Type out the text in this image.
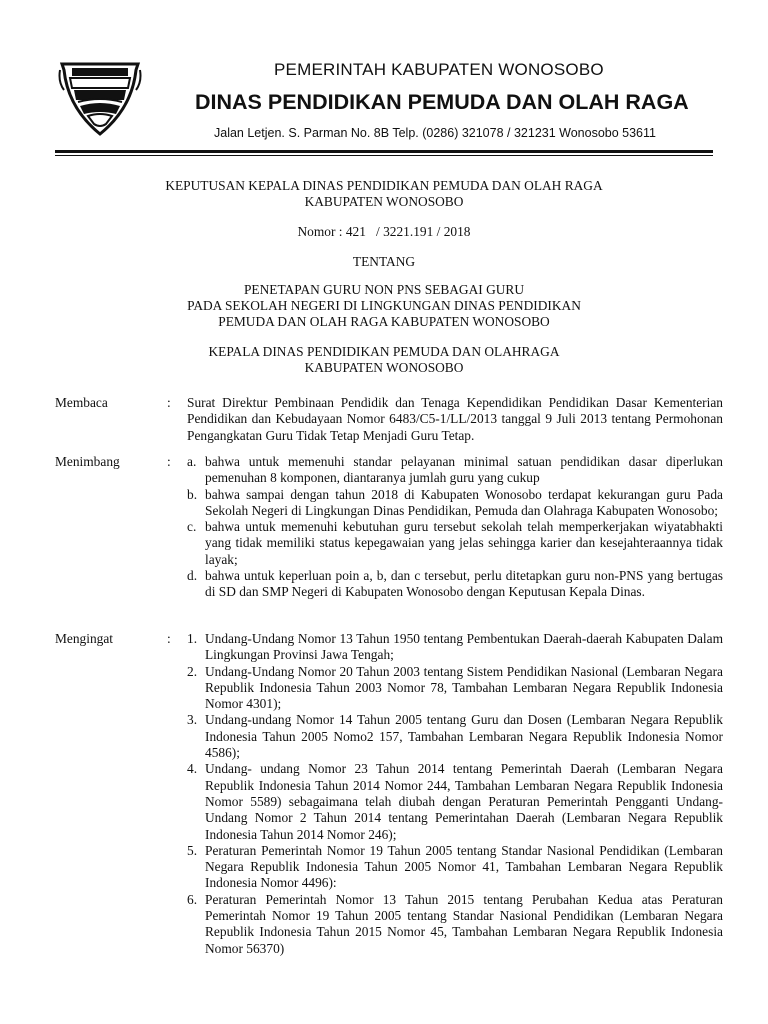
PEMERINTAH KABUPATEN WONOSOBO
DINAS PENDIDIKAN PEMUDA DAN OLAH RAGA
Jalan Letjen. S. Parman No. 8B Telp. (0286) 321078 / 321231 Wonosobo 53611
KEPUTUSAN KEPALA DINAS PENDIDIKAN PEMUDA DAN OLAH RAGA
KABUPATEN WONOSOBO
Nomor : 421   / 3221.191 / 2018
TENTANG
PENETAPAN GURU NON PNS SEBAGAI GURU
PADA SEKOLAH NEGERI DI LINGKUNGAN DINAS PENDIDIKAN
PEMUDA DAN OLAH RAGA KABUPATEN WONOSOBO
KEPALA DINAS PENDIDIKAN PEMUDA DAN OLAHRAGA
KABUPATEN WONOSOBO
Membaca	: Surat Direktur Pembinaan Pendidik dan Tenaga Kependidikan Pendidikan Dasar Kementerian Pendidikan dan Kebudayaan Nomor 6483/C5-1/LL/2013 tanggal 9 Juli 2013 tentang Permohonan Pengangkatan Guru Tidak Tetap Menjadi Guru Tetap.
Menimbang	: a. bahwa untuk memenuhi standar pelayanan minimal satuan pendidikan dasar diperlukan pemenuhan 8 komponen, diantaranya jumlah guru yang cukup
b. bahwa sampai dengan tahun 2018 di Kabupaten Wonosobo terdapat kekurangan guru Pada Sekolah Negeri di Lingkungan Dinas Pendidikan, Pemuda dan Olahraga Kabupaten Wonosobo;
c. bahwa untuk memenuhi kebutuhan guru tersebut sekolah telah memperkerjakan wiyatabhakti yang tidak memiliki status kepegawaian yang jelas sehingga karier dan kesejahteraannya tidak layak;
d. bahwa untuk keperluan poin a, b, dan c tersebut, perlu ditetapkan guru non-PNS yang bertugas di SD dan SMP Negeri di Kabupaten Wonosobo dengan Keputusan Kepala Dinas.
Mengingat	: 1. Undang-Undang Nomor 13 Tahun 1950 tentang Pembentukan Daerah-daerah Kabupaten Dalam Lingkungan Provinsi Jawa Tengah;
2. Undang-Undang Nomor 20 Tahun 2003 tentang Sistem Pendidikan Nasional (Lembaran Negara Republik Indonesia Tahun 2003 Nomor 78, Tambahan Lembaran Negara Republik Indonesia Nomor 4301);
3. Undang-undang Nomor 14 Tahun 2005 tentang Guru dan Dosen (Lembaran Negara Republik Indonesia Tahun 2005 Nomo2 157, Tambahan Lembaran Negara Republik Indonesia Nomor 4586);
4. Undang- undang Nomor 23 Tahun 2014 tentang Pemerintah Daerah (Lembaran Negara Republik Indonesia Tahun 2014 Nomor 244, Tambahan Lembaran Negara Republik Indonesia Nomor 5589) sebagaimana telah diubah dengan Peraturan Pemerintah Pengganti Undang- Undang Nomor 2 Tahun 2014 tentang Pemerintahan Daerah (Lembaran Negara Republik Indonesia Tahun 2014 Nomor 246);
5. Peraturan Pemerintah Nomor 19 Tahun 2005 tentang Standar Nasional Pendidikan (Lembaran Negara Republik Indonesia Tahun 2005 Nomor 41, Tambahan Lembaran Negara Republik Indonesia Nomor 4496):
6. Peraturan Pemerintah Nomor 13 Tahun 2015 tentang Perubahan Kedua atas Peraturan Pemerintah Nomor 19 Tahun 2005 tentang Standar Nasional Pendidikan (Lembaran Negara Republik Indonesia Tahun 2015 Nomor 45, Tambahan Lembaran Negara Republik Indonesia Nomor 56370)
